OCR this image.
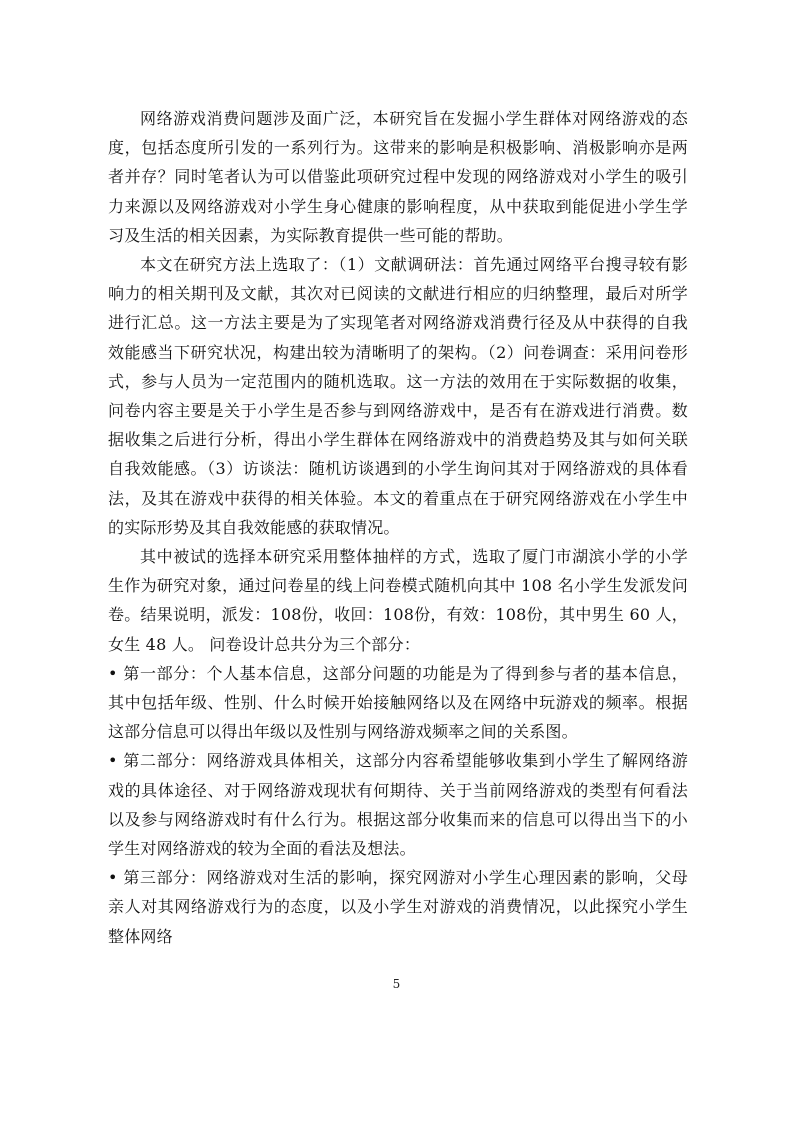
网络游戏消费问题涉及面广泛，本研究旨在发掘小学生群体对网络游戏的态度，包括态度所引发的一系列行为。这带来的影响是积极影响、消极影响亦是两者并存？同时笔者认为可以借鉴此项研究过程中发现的网络游戏对小学生的吸引力来源以及网络游戏对小学生身心健康的影响程度，从中获取到能促进小学生学习及生活的相关因素，为实际教育提供一些可能的帮助。

本文在研究方法上选取了：（1）文献调研法：首先通过网络平台搜寻较有影响力的相关期刊及文献，其次对已阅读的文献进行相应的归纳整理，最后对所学进行汇总。这一方法主要是为了实现笔者对网络游戏消费行径及从中获得的自我效能感当下研究状况，构建出较为清晰明了的架构。（2）问卷调查：采用问卷形式，参与人员为一定范围内的随机选取。这一方法的效用在于实际数据的收集，问卷内容主要是关于小学生是否参与到网络游戏中，是否有在游戏进行消费。数据收集之后进行分析，得出小学生群体在网络游戏中的消费趋势及其与如何关联自我效能感。（3）访谈法：随机访谈遇到的小学生询问其对于网络游戏的具体看法，及其在游戏中获得的相关体验。本文的着重点在于研究网络游戏在小学生中的实际形势及其自我效能感的获取情况。

其中被试的选择本研究采用整体抽样的方式，选取了厦门市湖滨小学的小学生作为研究对象，通过问卷星的线上问卷模式随机向其中 108 名小学生发派发问卷。结果说明，派发：108份，收回：108份，有效：108份，其中男生 60 人，女生 48 人。 问卷设计总共分为三个部分：

• 第一部分：个人基本信息，这部分问题的功能是为了得到参与者的基本信息，其中包括年级、性别、什么时候开始接触网络以及在网络中玩游戏的频率。根据这部分信息可以得出年级以及性别与网络游戏频率之间的关系图。

• 第二部分：网络游戏具体相关，这部分内容希望能够收集到小学生了解网络游戏的具体途径、对于网络游戏现状有何期待、关于当前网络游戏的类型有何看法以及参与网络游戏时有什么行为。根据这部分收集而来的信息可以得出当下的小学生对网络游戏的较为全面的看法及想法。

• 第三部分：网络游戏对生活的影响，探究网游对小学生心理因素的影响，父母亲人对其网络游戏行为的态度，以及小学生对游戏的消费情况，以此探究小学生整体网络

5
